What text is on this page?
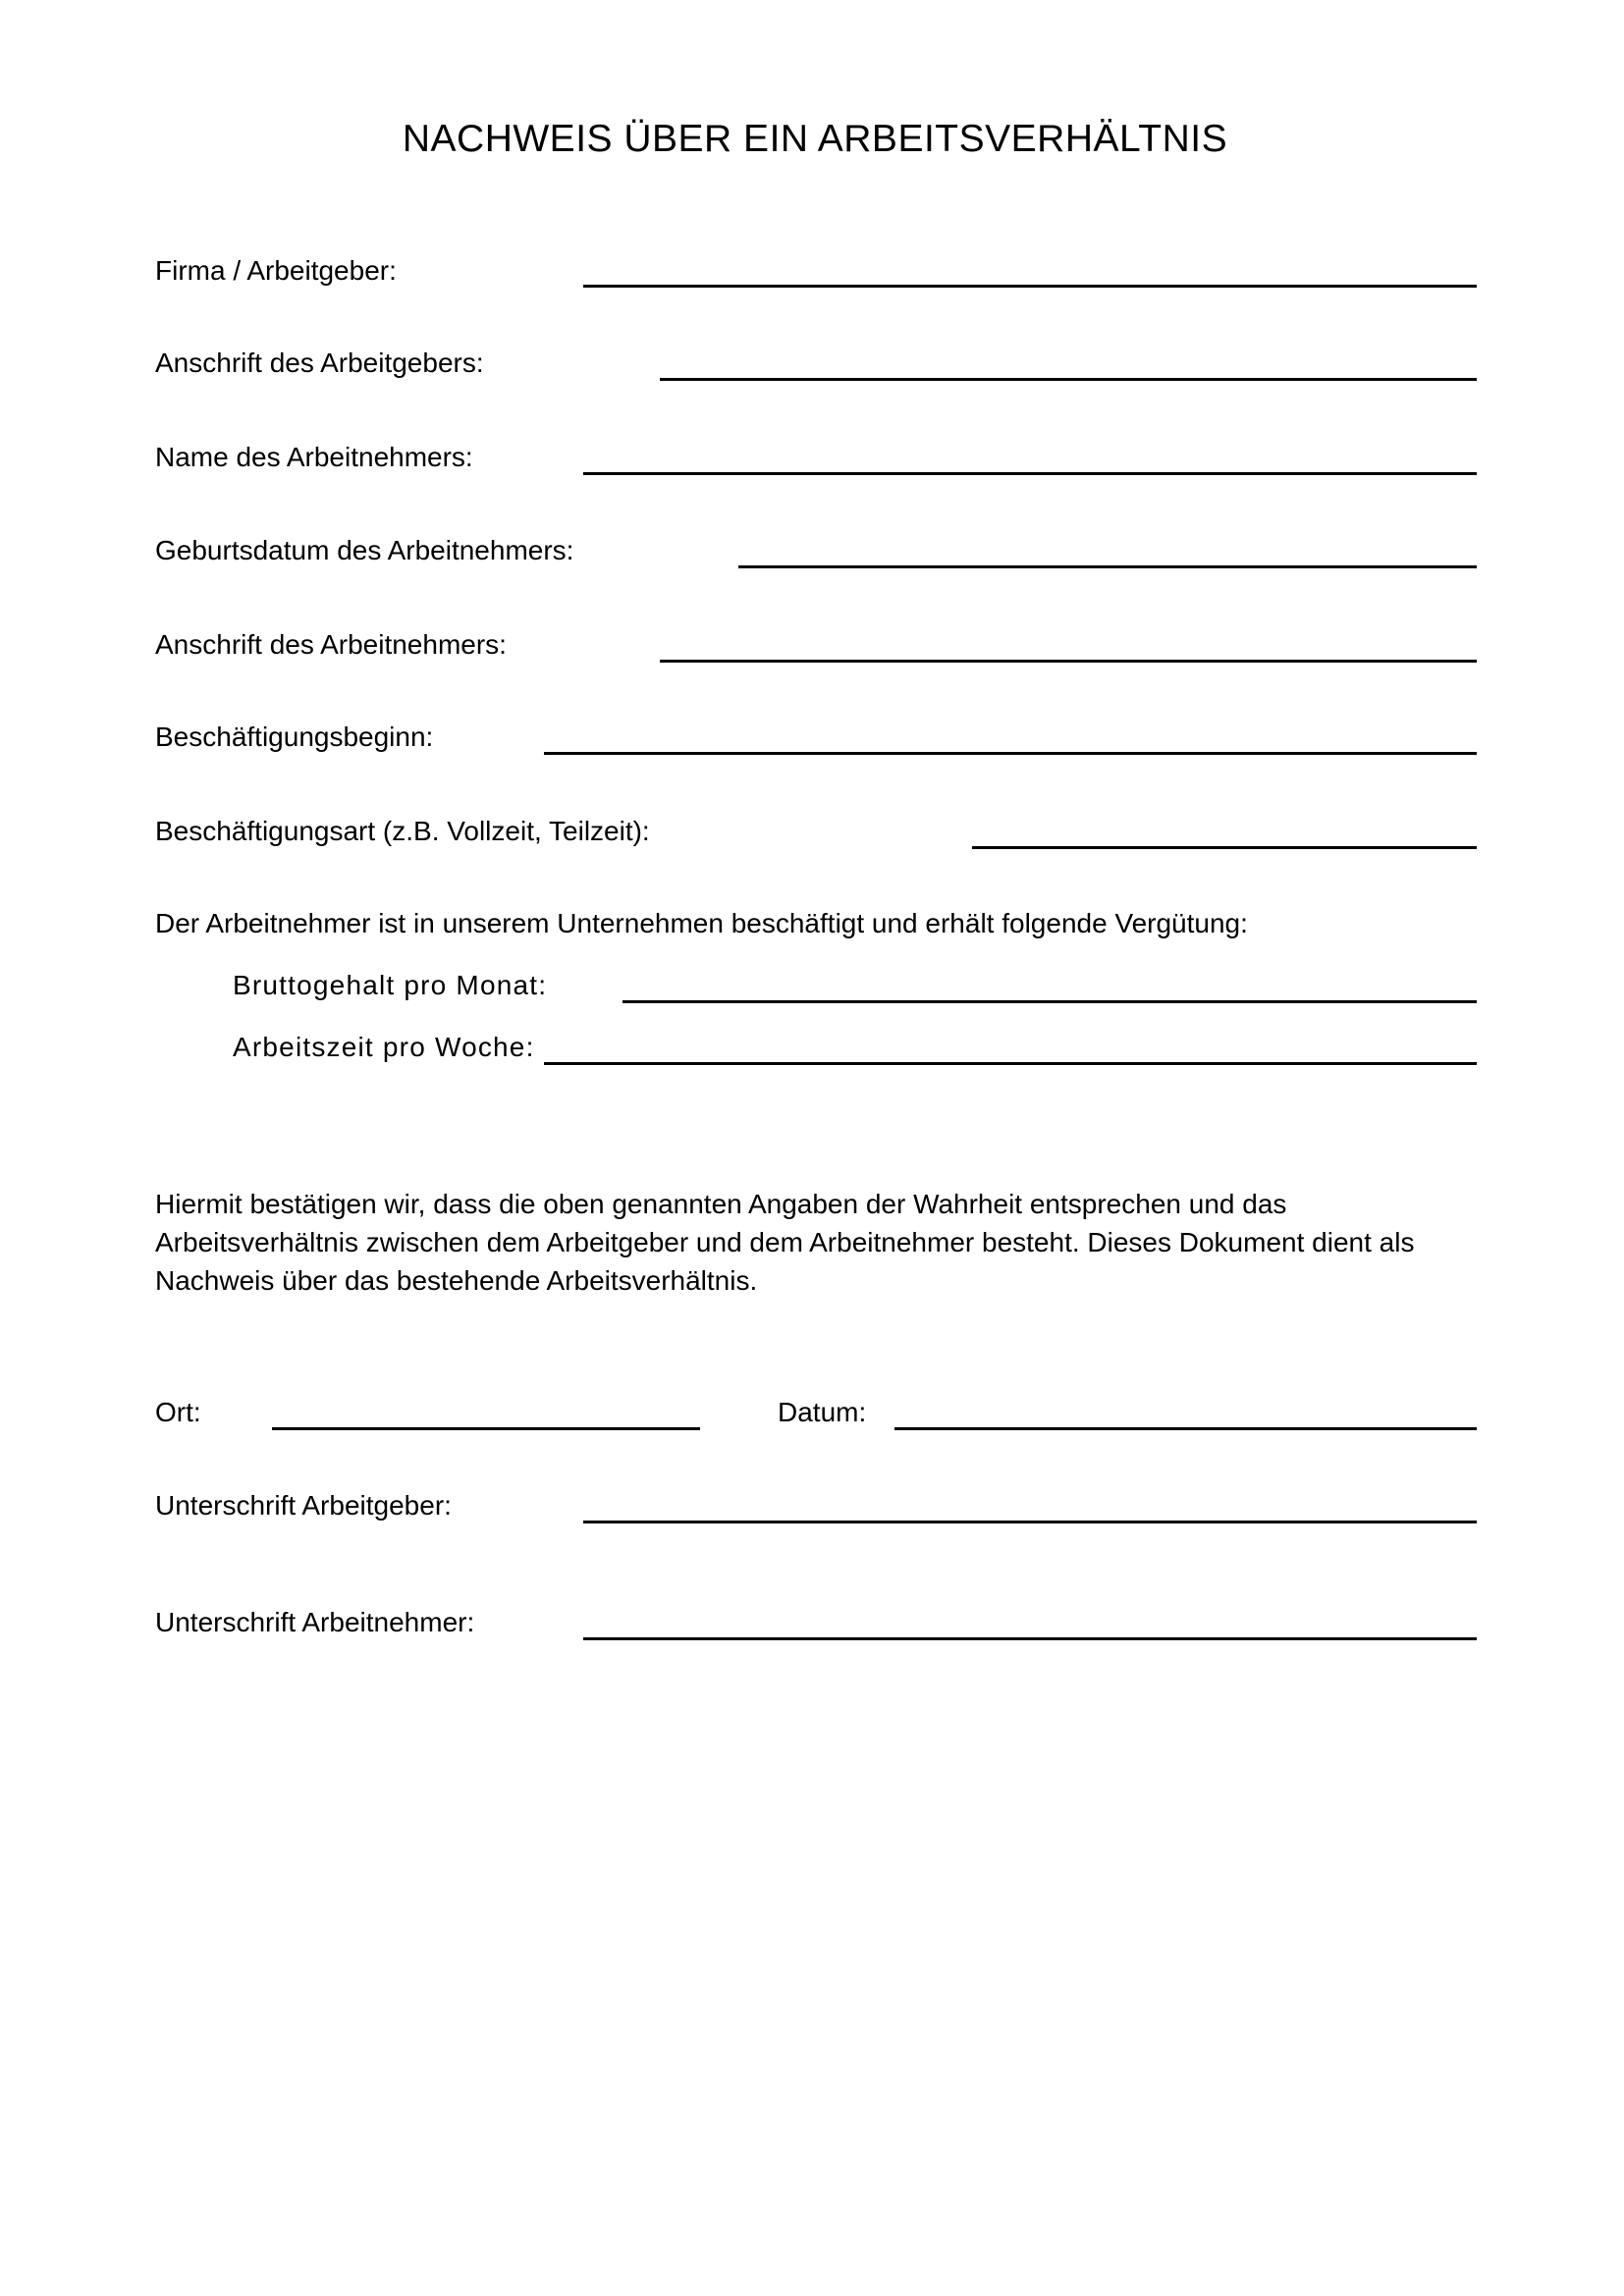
NACHWEIS ÜBER EIN ARBEITSVERHÄLTNIS
Firma / Arbeitgeber:
Anschrift des Arbeitgebers:
Name des Arbeitnehmers:
Geburtsdatum des Arbeitnehmers:
Anschrift des Arbeitnehmers:
Beschäftigungsbeginn:
Beschäftigungsart (z.B. Vollzeit, Teilzeit):
Der Arbeitnehmer ist in unserem Unternehmen beschäftigt und erhält folgende Vergütung:
Bruttogehalt pro Monat:
Arbeitszeit pro Woche:
Hiermit bestätigen wir, dass die oben genannten Angaben der Wahrheit entsprechen und das
Arbeitsverhältnis zwischen dem Arbeitgeber und dem Arbeitnehmer besteht. Dieses Dokument dient als
Nachweis über das bestehende Arbeitsverhältnis.
Ort:	Datum:
Unterschrift Arbeitgeber:
Unterschrift Arbeitnehmer:
